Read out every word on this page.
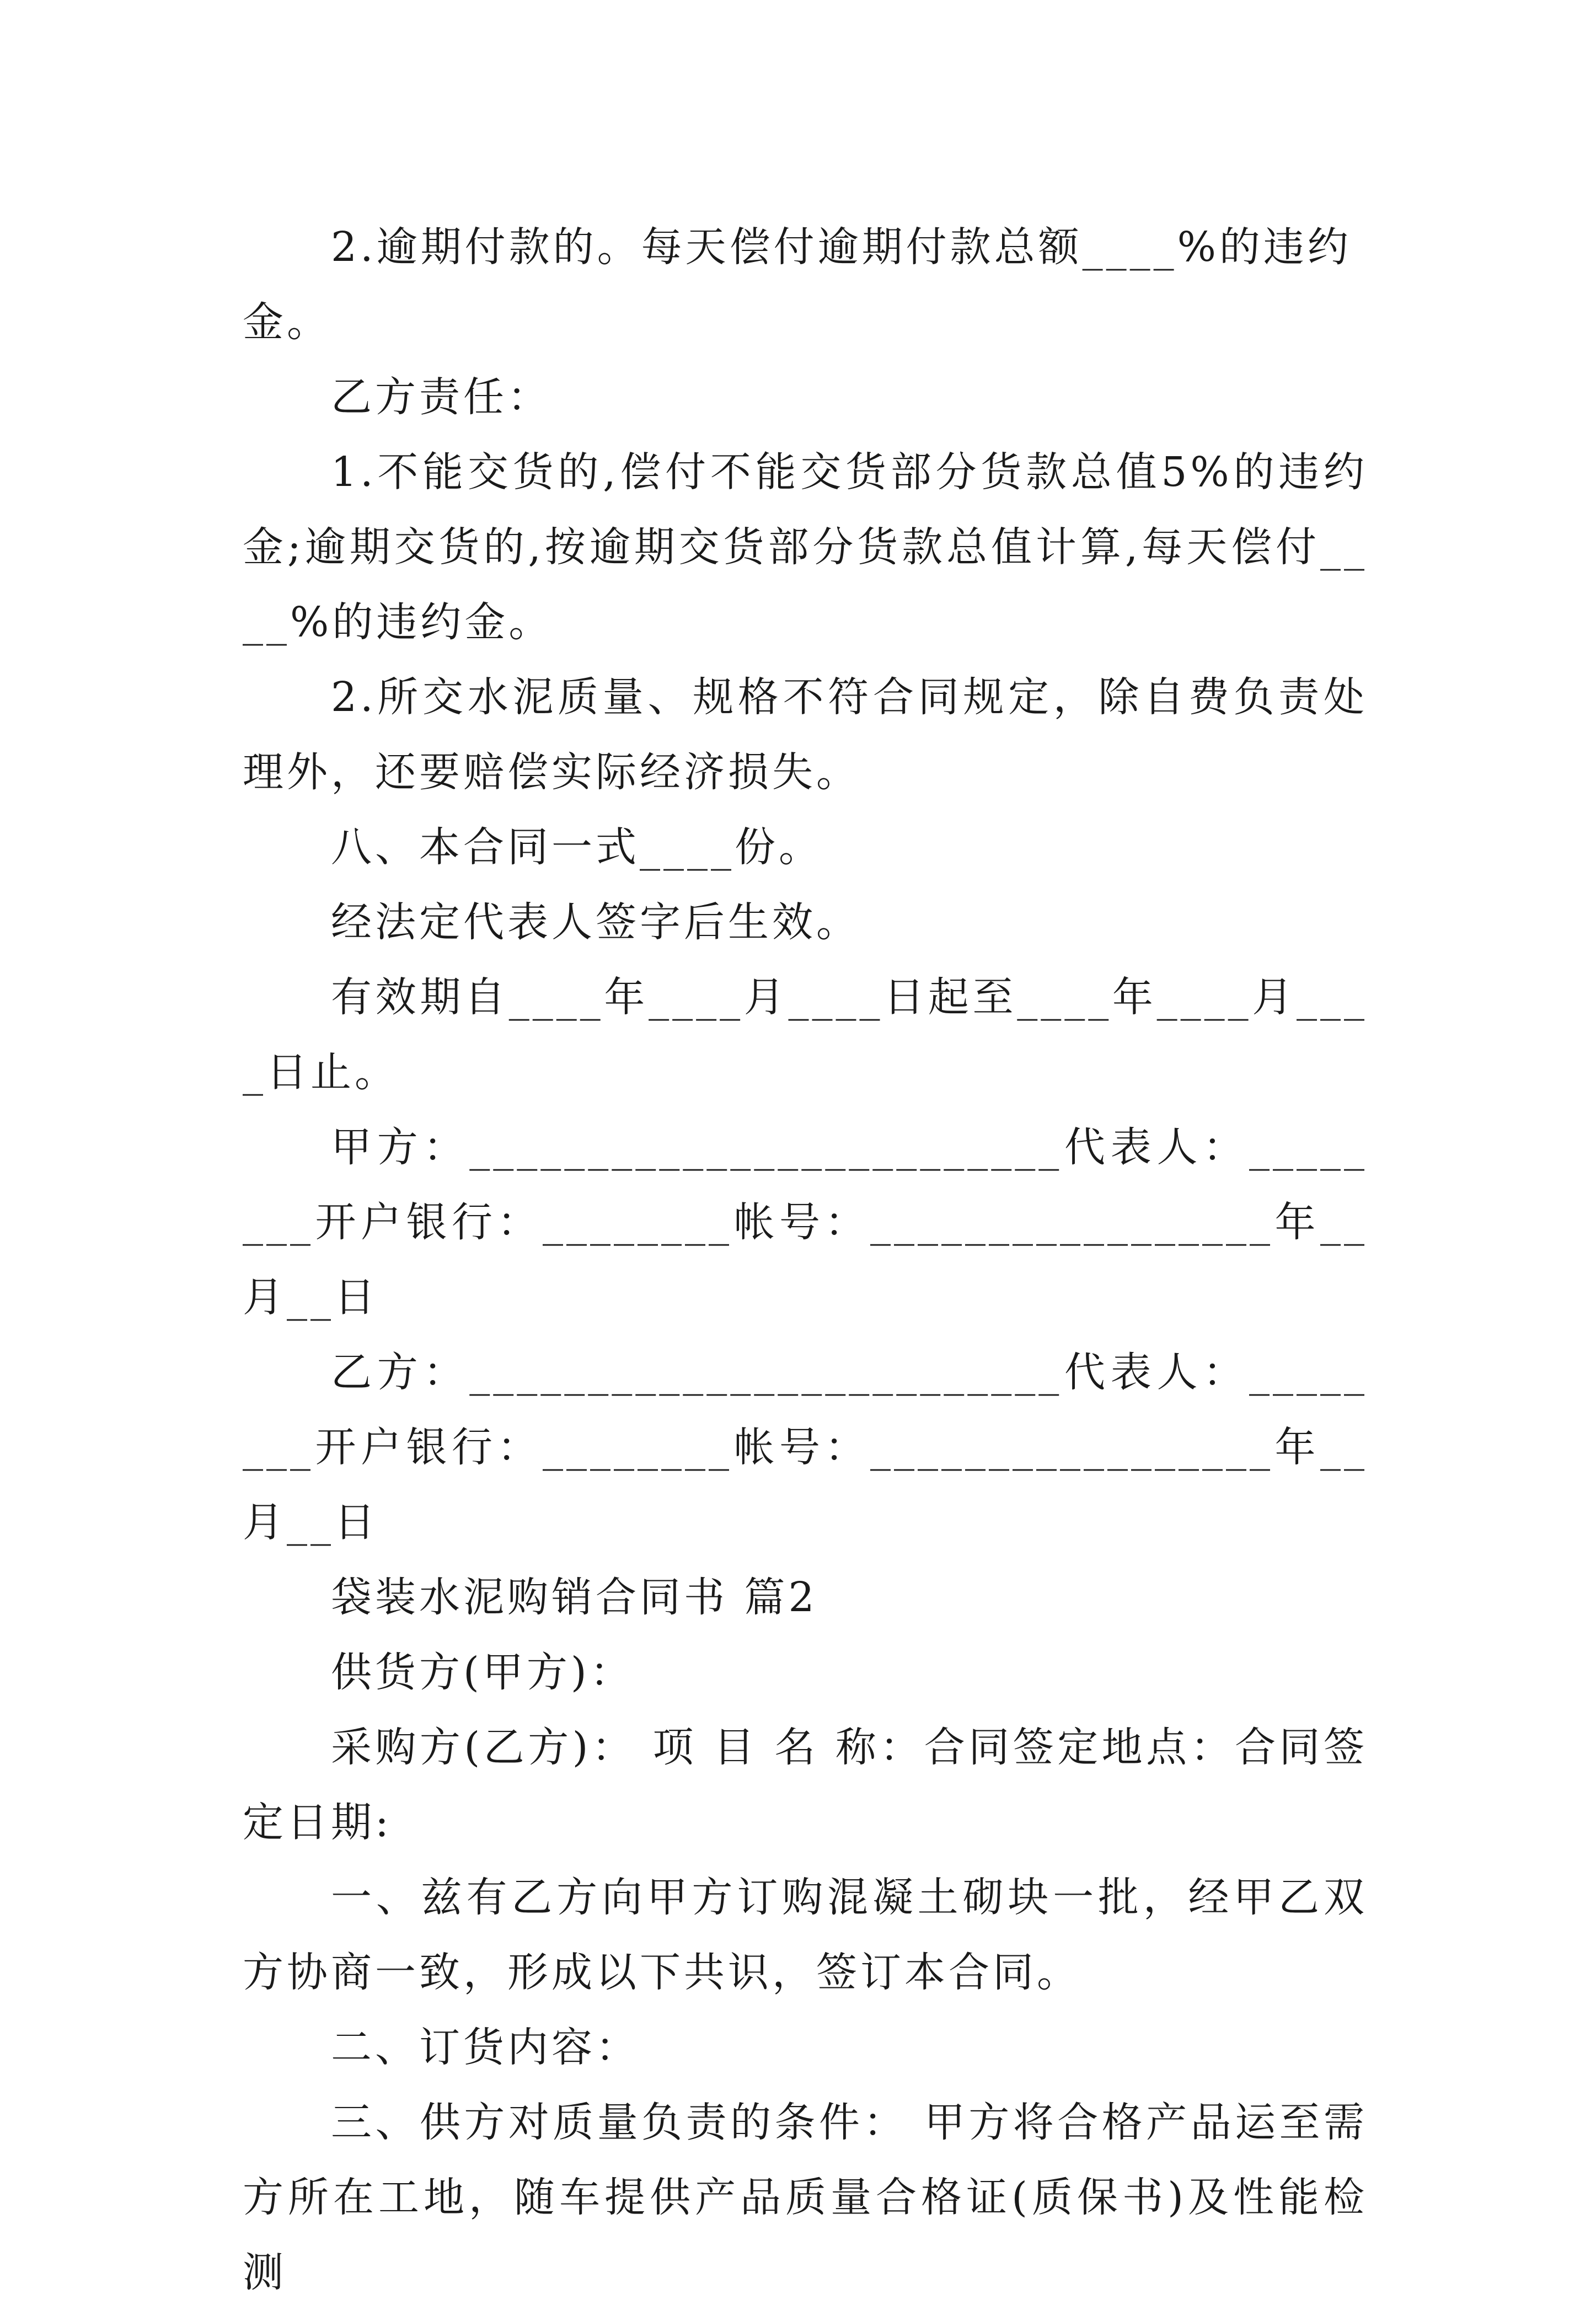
2.逾期付款的。每天偿付逾期付款总额____%的违约金。

乙方责任：

1.不能交货的,偿付不能交货部分货款总值5%的违约金;逾期交货的,按逾期交货部分货款总值计算,每天偿付____%的违约金。

2.所交水泥质量、规格不符合同规定，除自费负责处理外，还要赔偿实际经济损失。

八、本合同一式____份。

经法定代表人签字后生效。

有效期自____年____月____日起至____年____月____日止。

甲方：_________________________代表人：________开户银行：________帐号：_________________年__月__日

乙方：_________________________代表人：________开户银行：________帐号：_________________年__月__日

袋装水泥购销合同书 篇2

供货方(甲方)：

采购方(乙方)： 项 目 名 称：合同签定地点：合同签定日期:

一、兹有乙方向甲方订购混凝土砌块一批，经甲乙双方协商一致，形成以下共识，签订本合同。

二、订货内容：

三、供方对质量负责的条件： 甲方将合格产品运至需方所在工地，随车提供产品质量合格证(质保书)及性能检测
